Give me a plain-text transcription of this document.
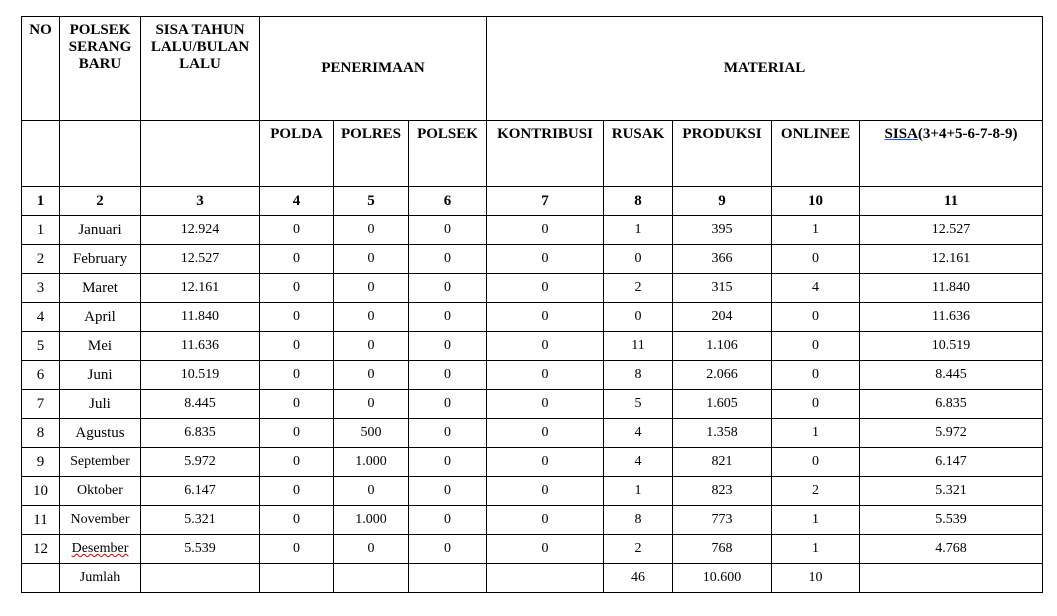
NO	POLSEK SERANG BARU	SISA TAHUN LALU/BULAN LALU	PENERIMAAN			MATERIAL				
			POLDA	POLRES	POLSEK	KONTRIBUSI	RUSAK	PRODUKSI	ONLINEE	SISA(3+4+5-6-7-8-9)
1	2	3	4	5	6	7	8	9	10	11
1	Januari	12.924	0	0	0	0	1	395	1	12.527
2	February	12.527	0	0	0	0	0	366	0	12.161
3	Maret	12.161	0	0	0	0	2	315	4	11.840
4	April	11.840	0	0	0	0	0	204	0	11.636
5	Mei	11.636	0	0	0	0	11	1.106	0	10.519
6	Juni	10.519	0	0	0	0	8	2.066	0	8.445
7	Juli	8.445	0	0	0	0	5	1.605	0	6.835
8	Agustus	6.835	0	500	0	0	4	1.358	1	5.972
9	September	5.972	0	1.000	0	0	4	821	0	6.147
10	Oktober	6.147	0	0	0	0	1	823	2	5.321
11	November	5.321	0	1.000	0	0	8	773	1	5.539
12	Desember	5.539	0	0	0	0	2	768	1	4.768
	Jumlah						46	10.600	10	
